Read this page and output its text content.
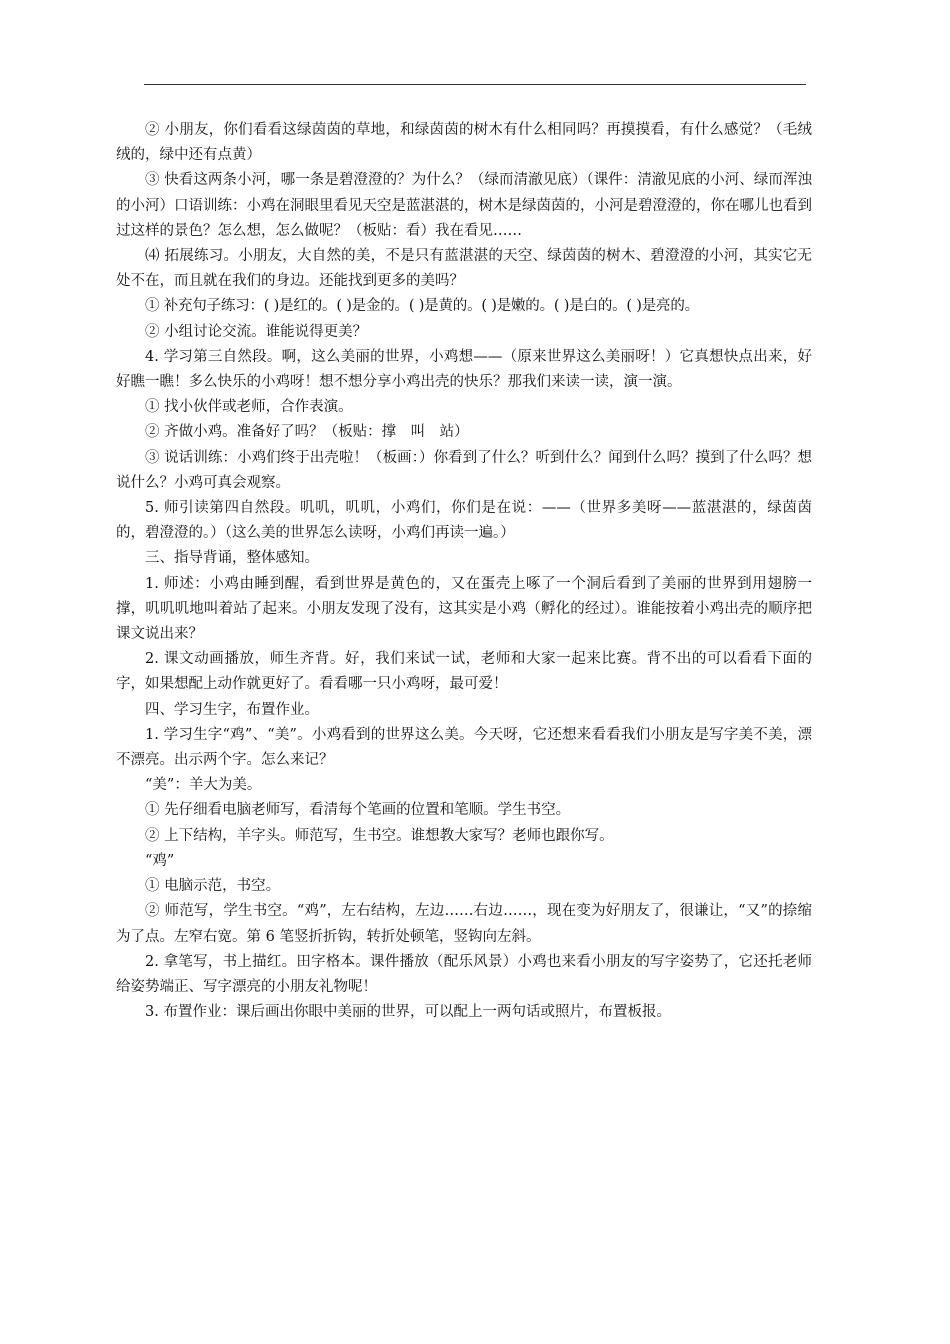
② 小朋友，你们看看这绿茵茵的草地，和绿茵茵的树木有什么相同吗？再摸摸看，有什么感觉？（毛绒绒的，绿中还有点黄）

③ 快看这两条小河，哪一条是碧澄澄的？为什么？（绿而清澈见底）（课件：清澈见底的小河、绿而浑浊的小河）口语训练：小鸡在洞眼里看见天空是蓝湛湛的，树木是绿茵茵的，小河是碧澄澄的，你在哪儿也看到过这样的景色？怎么想，怎么做呢？（板贴：看）我在看见……

⑷ 拓展练习。小朋友，大自然的美，不是只有蓝湛湛的天空、绿茵茵的树木、碧澄澄的小河，其实它无处不在，而且就在我们的身边。还能找到更多的美吗？

① 补充句子练习：( )是红的。( )是金的。( )是黄的。( )是嫩的。( )是白的。( )是亮的。

② 小组讨论交流。谁能说得更美？

4. 学习第三自然段。啊，这么美丽的世界，小鸡想——（原来世界这么美丽呀！）它真想快点出来，好好瞧一瞧！多么快乐的小鸡呀！想不想分享小鸡出壳的快乐？那我们来读一读，演一演。

① 找小伙伴或老师，合作表演。

② 齐做小鸡。准备好了吗？（板贴：撑　叫　站）

③ 说话训练：小鸡们终于出壳啦！（板画：）你看到了什么？听到什么？闻到什么吗？摸到了什么吗？想说什么？小鸡可真会观察。

5. 师引读第四自然段。叽叽，叽叽，小鸡们，你们是在说：——（世界多美呀——蓝湛湛的，绿茵茵的，碧澄澄的。）（这么美的世界怎么读呀，小鸡们再读一遍。）

三、指导背诵，整体感知。

1. 师述：小鸡由睡到醒，看到世界是黄色的，又在蛋壳上啄了一个洞后看到了美丽的世界到用翅膀一撑，叽叽叽地叫着站了起来。小朋友发现了没有，这其实是小鸡（孵化的经过）。谁能按着小鸡出壳的顺序把课文说出来？

2. 课文动画播放，师生齐背。好，我们来试一试，老师和大家一起来比赛。背不出的可以看看下面的字，如果想配上动作就更好了。看看哪一只小鸡呀，最可爱！

四、学习生字，布置作业。

1. 学习生字“鸡”、“美”。小鸡看到的世界这么美。今天呀，它还想来看看我们小朋友是写字美不美，漂不漂亮。出示两个字。怎么来记？

“美”：羊大为美。

① 先仔细看电脑老师写，看清每个笔画的位置和笔顺。学生书空。

② 上下结构，羊字头。师范写，生书空。谁想教大家写？老师也跟你写。

“鸡”

① 电脑示范，书空。

② 师范写，学生书空。“鸡”，左右结构，左边……右边……，现在变为好朋友了，很谦让，“又”的捺缩为了点。左窄右宽。第 6 笔竖折折钩，转折处顿笔，竖钩向左斜。

2. 拿笔写，书上描红。田字格本。课件播放（配乐风景）小鸡也来看小朋友的写字姿势了，它还托老师给姿势端正、写字漂亮的小朋友礼物呢！

3. 布置作业：课后画出你眼中美丽的世界，可以配上一两句话或照片，布置板报。
